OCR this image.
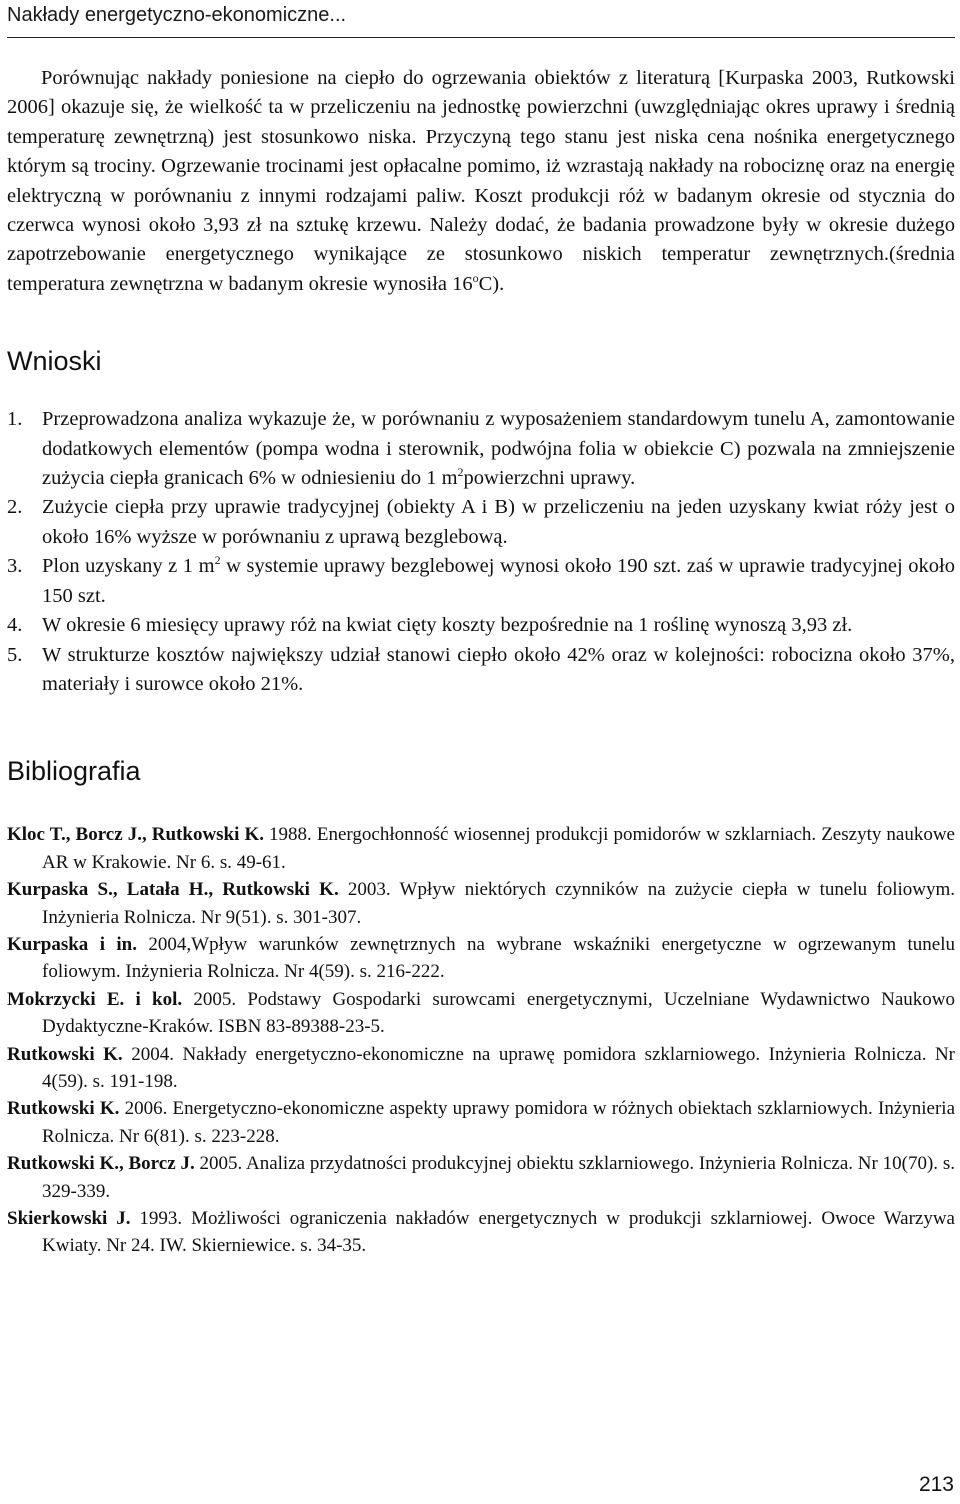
Nakłady energetyczno-ekonomiczne...

Porównując nakłady poniesione na ciepło do ogrzewania obiektów z literaturą [Kurpaska 2003, Rutkowski 2006] okazuje się, że wielkość ta w przeliczeniu na jednostkę powierzchni (uwzględniając okres uprawy i średnią temperaturę zewnętrzną) jest stosunkowo niska. Przyczyną tego stanu jest niska cena nośnika energetycznego którym są trociny. Ogrzewanie trocinami jest opłacalne pomimo, iż wzrastają nakłady na robociznę oraz na energię elektryczną w porównaniu z innymi rodzajami paliw. Koszt produkcji róż w badanym okresie od stycznia do czerwca wynosi około 3,93 zł na sztukę krzewu. Należy dodać, że badania prowadzone były w okresie dużego zapotrzebowanie energetycznego wynikające ze stosunkowo niskich temperatur zewnętrznych.(średnia temperatura zewnętrzna w badanym okresie wynosiła 16$^o$C).

Wnioski
1. Przeprowadzona analiza wykazuje że, w porównaniu z wyposażeniem standardowym tunelu A, zamontowanie dodatkowych elementów (pompa wodna i sterownik, podwójna folia w obiekcie C) pozwala na zmniejszenie zużycia ciepła granicach 6% w odniesieniu do 1 $m^2powierzchni$ uprawy.
2. Zużycie ciepła przy uprawie tradycyjnej (obiekty A i B) w przeliczeniu na jeden uzyskany kwiat róży jest o około 16% wyższe w porównaniu z uprawą bezglebową.
3. Plon uzyskany z 1 $m^2$ w systemie uprawy bezglebowej wynosi około 190 szt. zaś w uprawie tradycyjnej około 150 szt.
4. W okresie 6 miesięcy uprawy róż na kwiat cięty koszty bezpośrednie na 1 roślinę wynoszą 3,93 zł.
5. W strukturze kosztów największy udział stanowi ciepło około 42% oraz w kolejności: robocizna około 37%, materiały i surowce około 21%.
Bibliografia
Kloc T., Borcz J., Rutkowski K. 1988. Energochłonność wiosennej produkcji pomidorów w szklarniach. Zeszyty naukowe AR w Krakowie. Nr 6. s. 49-61.
Kurpaska S., Latała H., Rutkowski K. 2003. Wpływ niektórych czynników na zużycie ciepła w tunelu foliowym. Inżynieria Rolnicza. Nr 9(51). s. 301-307.
Kurpaska i in. 2004,Wpływ warunków zewnętrznych na wybrane wskaźniki energetyczne w ogrzewanym tunelu foliowym. Inżynieria Rolnicza. Nr 4(59). s. 216-222.
Mokrzycki E. i kol. 2005. Podstawy Gospodarki surowcami energetycznymi, Uczelniane Wydawnictwo Naukowo Dydaktyczne-Kraków. ISBN 83-89388-23-5.
Rutkowski K. 2004. Nakłady energetyczno-ekonomiczne na uprawę pomidora szklarniowego. Inżynieria Rolnicza. Nr 4(59). s. 191-198.
Rutkowski K. 2006. Energetyczno-ekonomiczne aspekty uprawy pomidora w różnych obiektach szklarniowych. Inżynieria Rolnicza. Nr 6(81). s. 223-228.
Rutkowski K., Borcz J. 2005. Analiza przydatności produkcyjnej obiektu szklarniowego. Inżynieria Rolnicza. Nr 10(70). s. 329-339.
Skierkowski J. 1993. Możliwości ograniczenia nakładów energetycznych w produkcji szklarniowej. Owoce Warzywa Kwiaty. Nr 24. IW. Skierniewice. s. 34-35.
213
